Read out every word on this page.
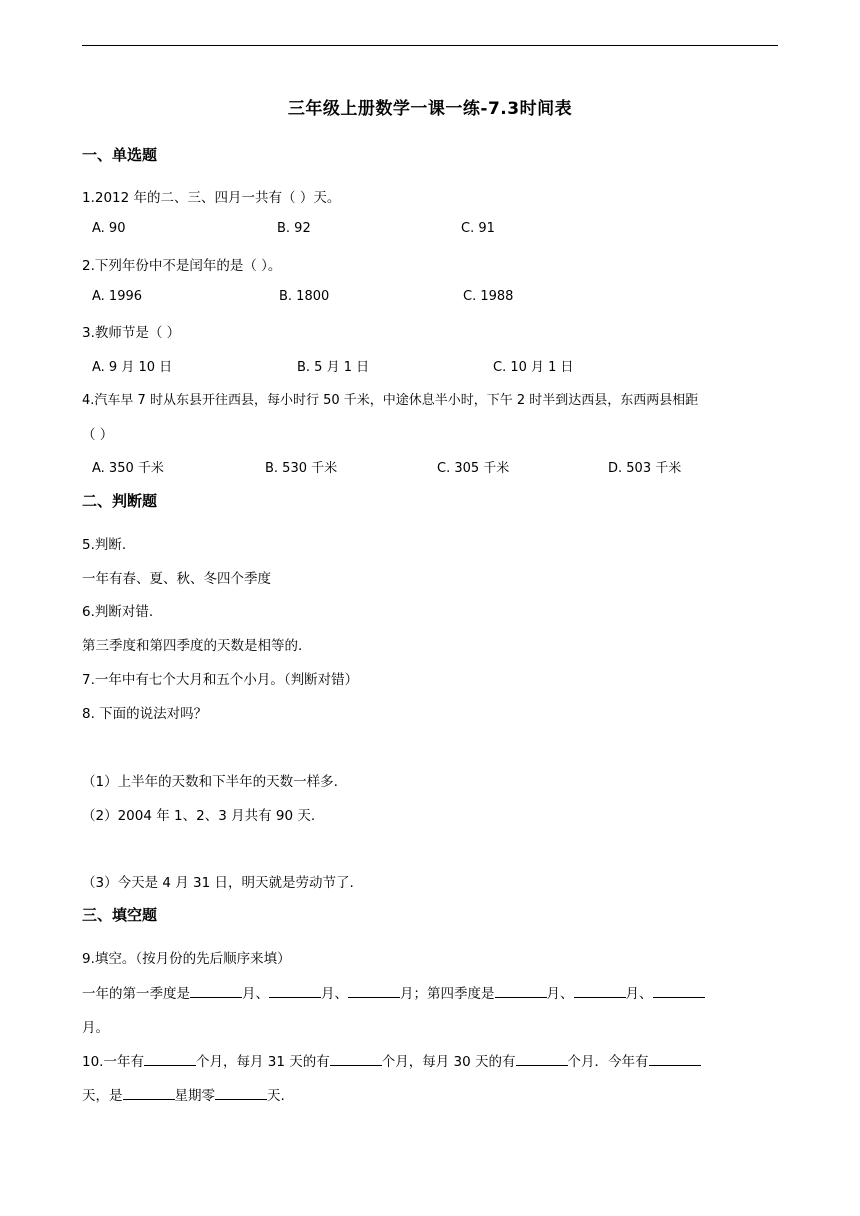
三年级上册数学一课一练-7.3时间表
一、单选题
1.2012 年的二、三、四月一共有（ ）天。
A. 90	B. 92	C. 91
2.下列年份中不是闰年的是（ ）。
A. 1996	B. 1800	C. 1988
3.教师节是（ ）
A. 9 月 10 日	B. 5 月 1 日	C. 10 月 1 日
4.汽车早 7 时从东县开往西县，每小时行 50 千米，中途休息半小时，下午 2 时半到达西县，东西两县相距
（ ）
A. 350 千米	B. 530 千米	C. 305 千米	D. 503 千米
二、判断题
5.判断.
一年有春、夏、秋、冬四个季度
6.判断对错.
第三季度和第四季度的天数是相等的.
7.一年中有七个大月和五个小月。（判断对错）
8. 下面的说法对吗？
（1）上半年的天数和下半年的天数一样多.
（2）2004 年 1、2、3 月共有 90 天.
（3）今天是 4 月 31 日，明天就是劳动节了.
三、填空题
9.填空。（按月份的先后顺序来填）
一年的第一季度是	月、	月、	月；第四季度是	月、	月、
月。
10.一年有	个月，每月 31 天的有	个月，每月 30 天的有	个月．今年有
天，是	星期零	天.
